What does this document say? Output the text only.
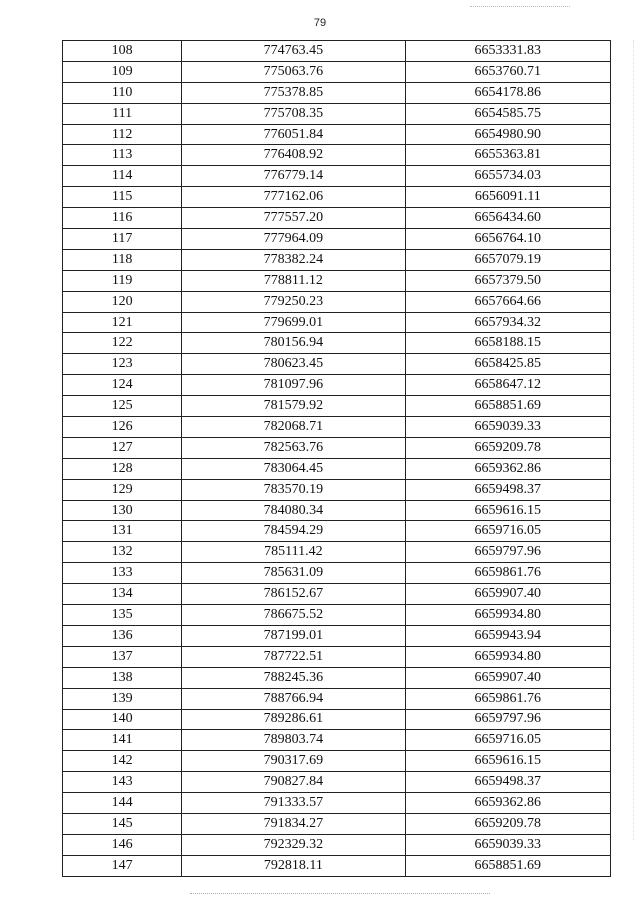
79
108	774763.45	6653331.83
109	775063.76	6653760.71
110	775378.85	6654178.86
111	775708.35	6654585.75
112	776051.84	6654980.90
113	776408.92	6655363.81
114	776779.14	6655734.03
115	777162.06	6656091.11
116	777557.20	6656434.60
117	777964.09	6656764.10
118	778382.24	6657079.19
119	778811.12	6657379.50
120	779250.23	6657664.66
121	779699.01	6657934.32
122	780156.94	6658188.15
123	780623.45	6658425.85
124	781097.96	6658647.12
125	781579.92	6658851.69
126	782068.71	6659039.33
127	782563.76	6659209.78
128	783064.45	6659362.86
129	783570.19	6659498.37
130	784080.34	6659616.15
131	784594.29	6659716.05
132	785111.42	6659797.96
133	785631.09	6659861.76
134	786152.67	6659907.40
135	786675.52	6659934.80
136	787199.01	6659943.94
137	787722.51	6659934.80
138	788245.36	6659907.40
139	788766.94	6659861.76
140	789286.61	6659797.96
141	789803.74	6659716.05
142	790317.69	6659616.15
143	790827.84	6659498.37
144	791333.57	6659362.86
145	791834.27	6659209.78
146	792329.32	6659039.33
147	792818.11	6658851.69
